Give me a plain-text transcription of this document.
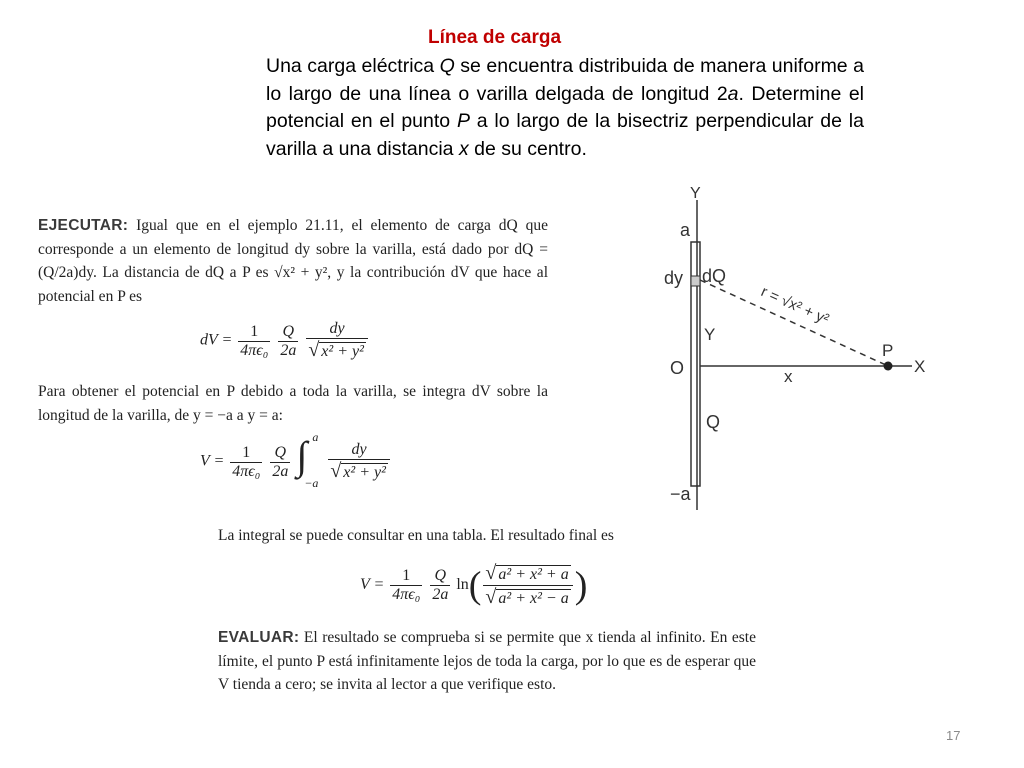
Línea de carga
Una carga eléctrica Q se encuentra distribuida de manera uniforme a lo largo de una línea o varilla delgada de longitud 2a. Determine el potencial en el punto P a lo largo de la bisectriz perpendicular de la varilla a una distancia x de su centro.
EJECUTAR: Igual que en el ejemplo 21.11, el elemento de carga dQ que corresponde a un elemento de longitud dy sobre la varilla, está dado por dQ = (Q/2a)dy. La distancia de dQ a P es √x² + y², y la contribución dV que hace al potencial en P es
dV = $\frac{1}{\text{4πϵ₀}}$
$\frac{Q}{2a}$
$\frac{dy}{\text{√ x² + y²}}$
Para obtener el potencial en P debido a toda la varilla, se integra dV sobre la longitud de la varilla, de y = −a a y = a:
$V = \frac{1}{\text{4πϵ₀}}$
$\frac{Q}{2a}$
∫ a
−a
$\frac{dy}{\text{√ x² + y²}}$
La integral se puede consultar en una tabla. El resultado final es
$V = \frac{1}{\text{4πϵ₀}}$
$\frac{Q}{2a} \ln( \frac{\text{√ a² + x² + a}}{\text{√ a² + x² − a}}$ )
EVALUAR: El resultado se comprueba si se permite que x tienda al infinito. En este límite, el punto P está infinitamente lejos de toda la carga, por lo que es de esperar que V tienda a cero; se invita al lector a que verifique esto.
Y
a
dy dQ
r = √x² + y²
Y
O	x
P
X
Q
−a
17
